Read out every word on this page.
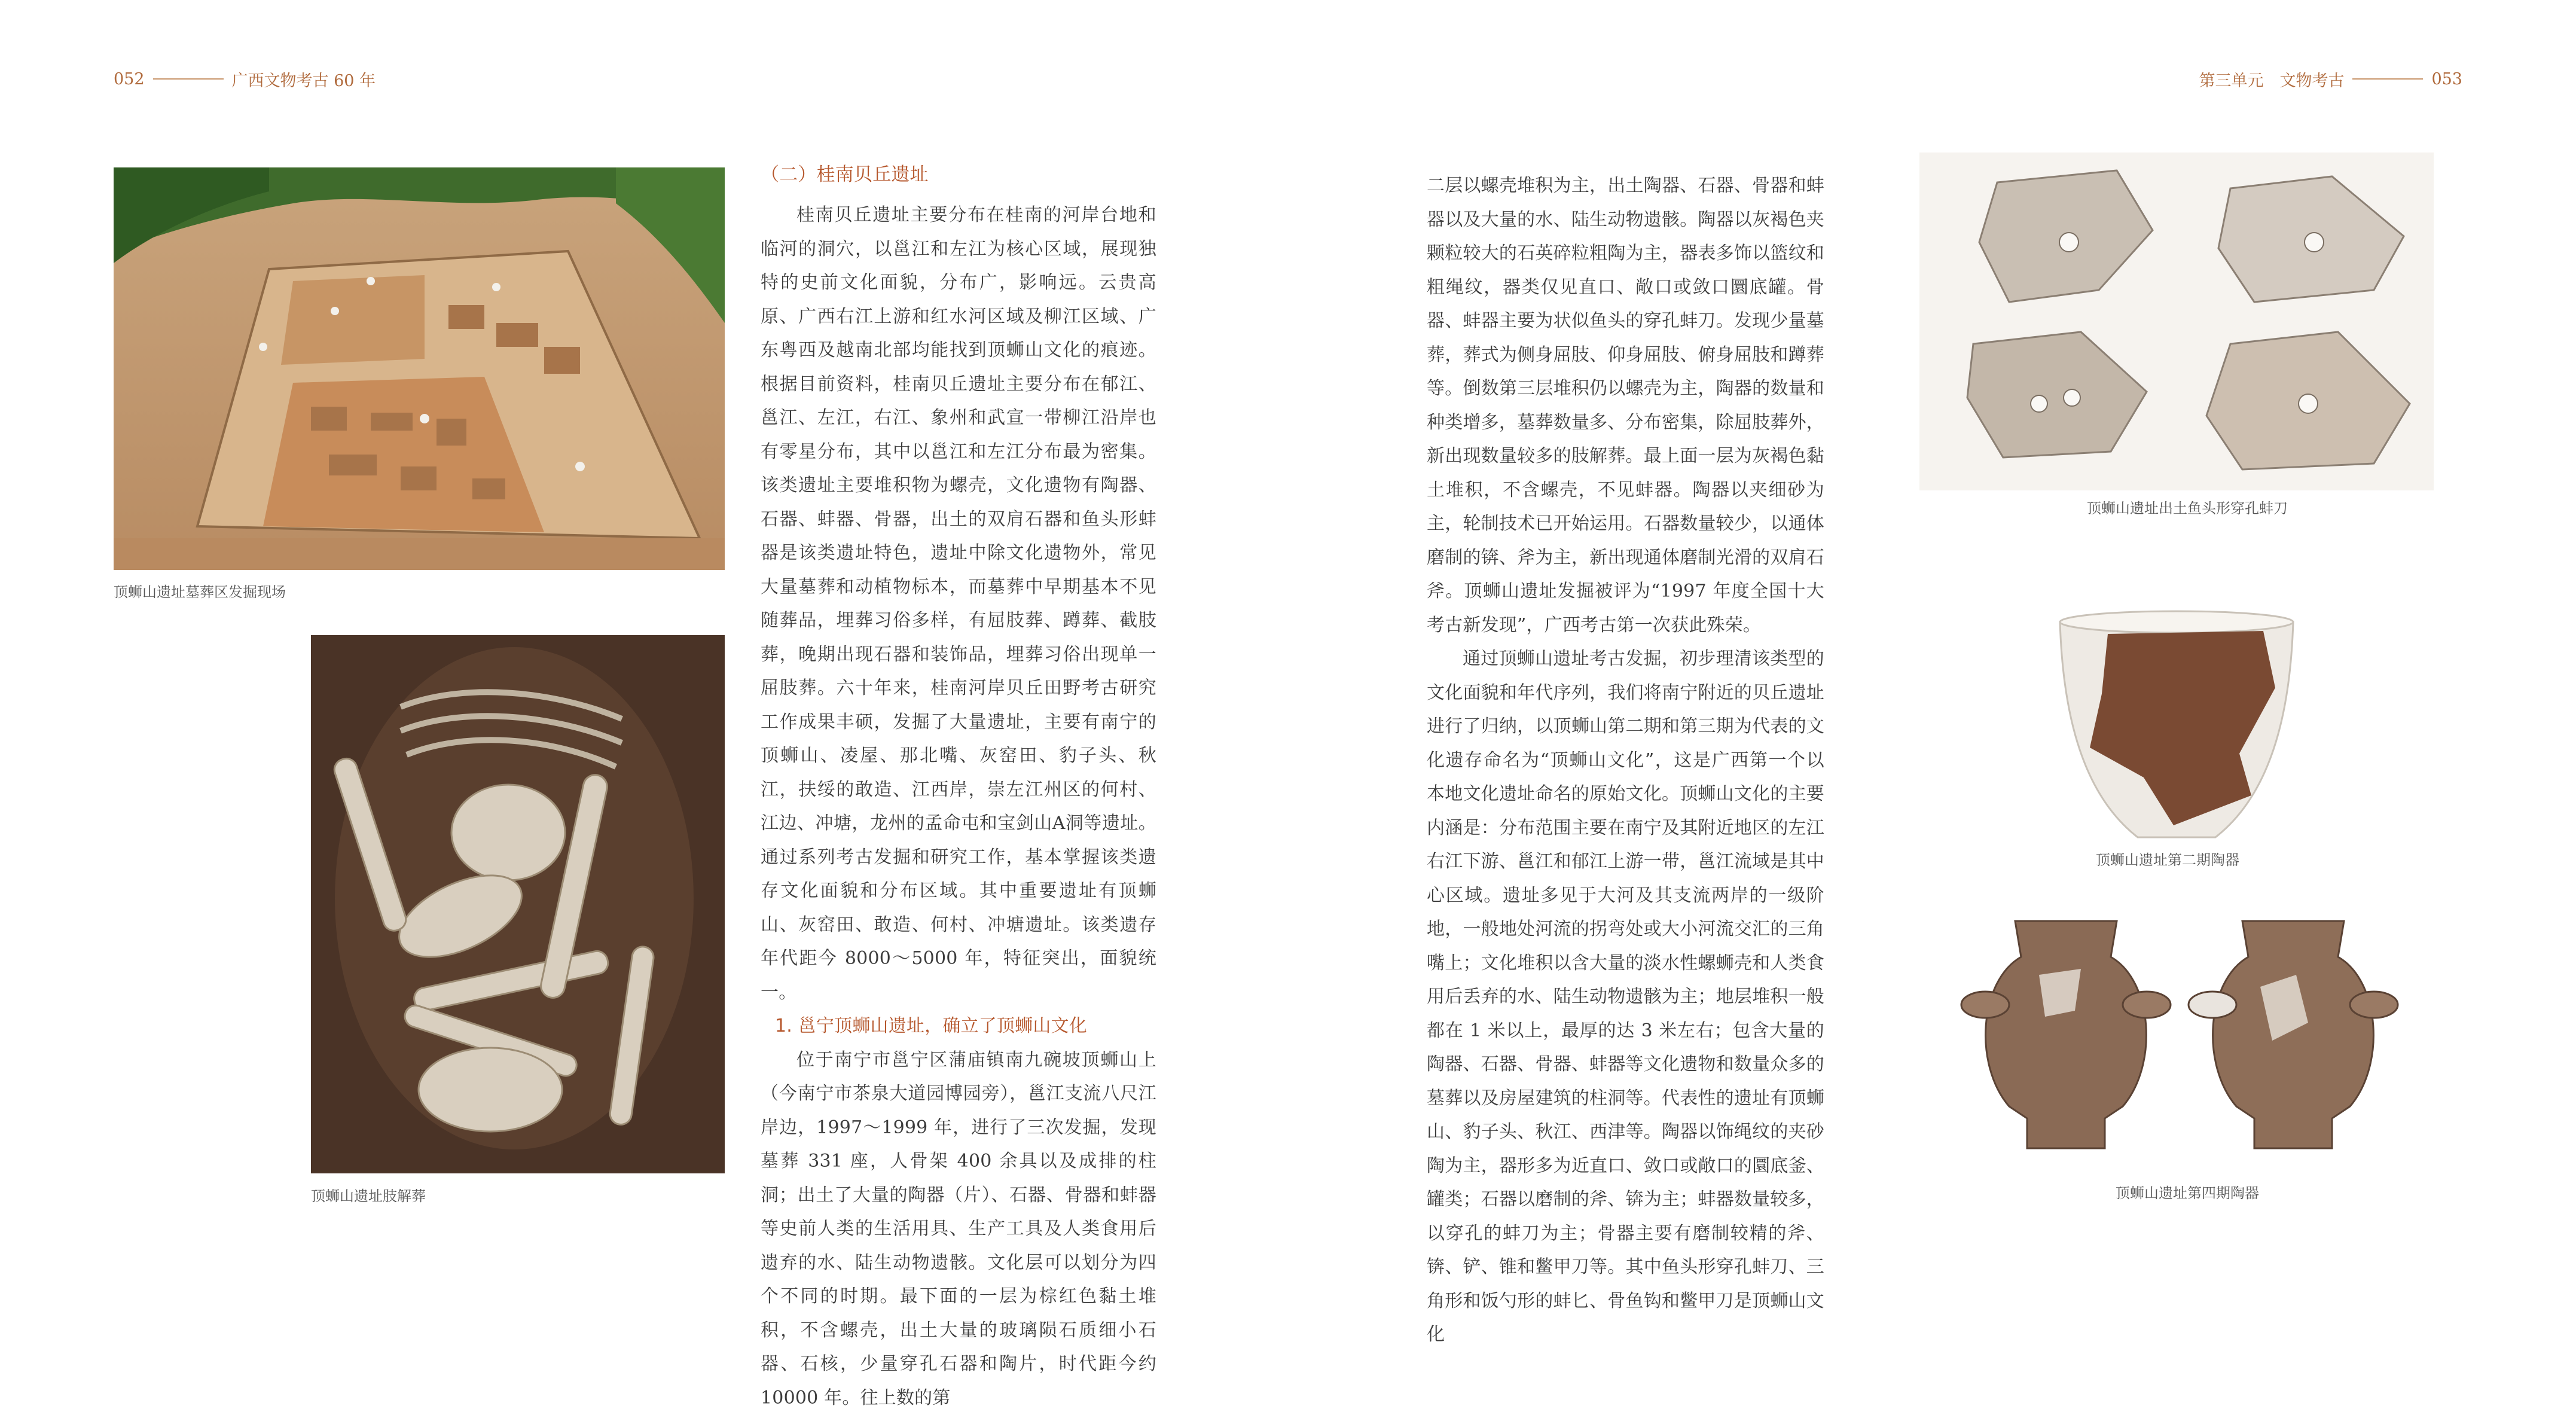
052	广西文物考古 60 年	第三单元　文物考古	053
顶蛳山遗址墓葬区发掘现场
顶蛳山遗址肢解葬

（二）桂南贝丘遗址

桂南贝丘遗址主要分布在桂南的河岸台地和临河的洞穴，以邕江和左江为核心区域，展现独特的史前文化面貌，分布广，影响远。云贵高原、广西右江上游和红水河区域及柳江区域、广东粤西及越南北部均能找到顶蛳山文化的痕迹。根据目前资料，桂南贝丘遗址主要分布在郁江、邕江、左江，右江、象州和武宣一带柳江沿岸也有零星分布，其中以邕江和左江分布最为密集。该类遗址主要堆积物为螺壳，文化遗物有陶器、石器、蚌器、骨器，出土的双肩石器和鱼头形蚌器是该类遗址特色，遗址中除文化遗物外，常见大量墓葬和动植物标本，而墓葬中早期基本不见随葬品，埋葬习俗多样，有屈肢葬、蹲葬、截肢葬，晚期出现石器和装饰品，埋葬习俗出现单一屈肢葬。六十年来，桂南河岸贝丘田野考古研究工作成果丰硕，发掘了大量遗址，主要有南宁的顶蛳山、凌屋、那北嘴、灰窑田、豹子头、秋江，扶绥的敢造、江西岸，崇左江州区的何村、江边、冲塘，龙州的孟命屯和宝剑山A洞等遗址。通过系列考古发掘和研究工作，基本掌握该类遗存文化面貌和分布区域。其中重要遗址有顶蛳山、灰窑田、敢造、何村、冲塘遗址。该类遗存年代距今 8000～5000 年，特征突出，面貌统一。

1. 邕宁顶蛳山遗址，确立了顶蛳山文化

位于南宁市邕宁区蒲庙镇南九碗坡顶蛳山上（今南宁市茶泉大道园博园旁），邕江支流八尺江岸边，1997～1999 年，进行了三次发掘，发现墓葬 331 座，人骨架 400 余具以及成排的柱洞；出土了大量的陶器（片）、石器、骨器和蚌器等史前人类的生活用具、生产工具及人类食用后遗弃的水、陆生动物遗骸。文化层可以划分为四个不同的时期。最下面的一层为棕红色黏土堆积，不含螺壳，出土大量的玻璃陨石质细小石器、石核，少量穿孔石器和陶片，时代距今约 10000 年。往上数的第

二层以螺壳堆积为主，出土陶器、石器、骨器和蚌器以及大量的水、陆生动物遗骸。陶器以灰褐色夹颗粒较大的石英碎粒粗陶为主，器表多饰以篮纹和粗绳纹，器类仅见直口、敞口或敛口圜底罐。骨器、蚌器主要为状似鱼头的穿孔蚌刀。发现少量墓葬，葬式为侧身屈肢、仰身屈肢、俯身屈肢和蹲葬等。倒数第三层堆积仍以螺壳为主，陶器的数量和种类增多，墓葬数量多、分布密集，除屈肢葬外，新出现数量较多的肢解葬。最上面一层为灰褐色黏土堆积，不含螺壳，不见蚌器。陶器以夹细砂为主，轮制技术已开始运用。石器数量较少，以通体磨制的锛、斧为主，新出现通体磨制光滑的双肩石斧。顶蛳山遗址发掘被评为“1997 年度全国十大考古新发现”，广西考古第一次获此殊荣。

通过顶蛳山遗址考古发掘，初步理清该类型的文化面貌和年代序列，我们将南宁附近的贝丘遗址进行了归纳，以顶蛳山第二期和第三期为代表的文化遗存命名为“顶蛳山文化”，这是广西第一个以本地文化遗址命名的原始文化。顶蛳山文化的主要内涵是：分布范围主要在南宁及其附近地区的左江右江下游、邕江和郁江上游一带，邕江流域是其中心区域。遗址多见于大河及其支流两岸的一级阶地，一般地处河流的拐弯处或大小河流交汇的三角嘴上；文化堆积以含大量的淡水性螺蛳壳和人类食用后丢弃的水、陆生动物遗骸为主；地层堆积一般都在 1 米以上，最厚的达 3 米左右；包含大量的陶器、石器、骨器、蚌器等文化遗物和数量众多的墓葬以及房屋建筑的柱洞等。代表性的遗址有顶蛳山、豹子头、秋江、西津等。陶器以饰绳纹的夹砂陶为主，器形多为近直口、敛口或敞口的圜底釜、罐类；石器以磨制的斧、锛为主；蚌器数量较多，以穿孔的蚌刀为主；骨器主要有磨制较精的斧、锛、铲、锥和鳖甲刀等。其中鱼头形穿孔蚌刀、三角形和饭勺形的蚌匕、骨鱼钩和鳖甲刀是顶蛳山文化

顶蛳山遗址出土鱼头形穿孔蚌刀
顶蛳山遗址第二期陶器
顶蛳山遗址第四期陶器
